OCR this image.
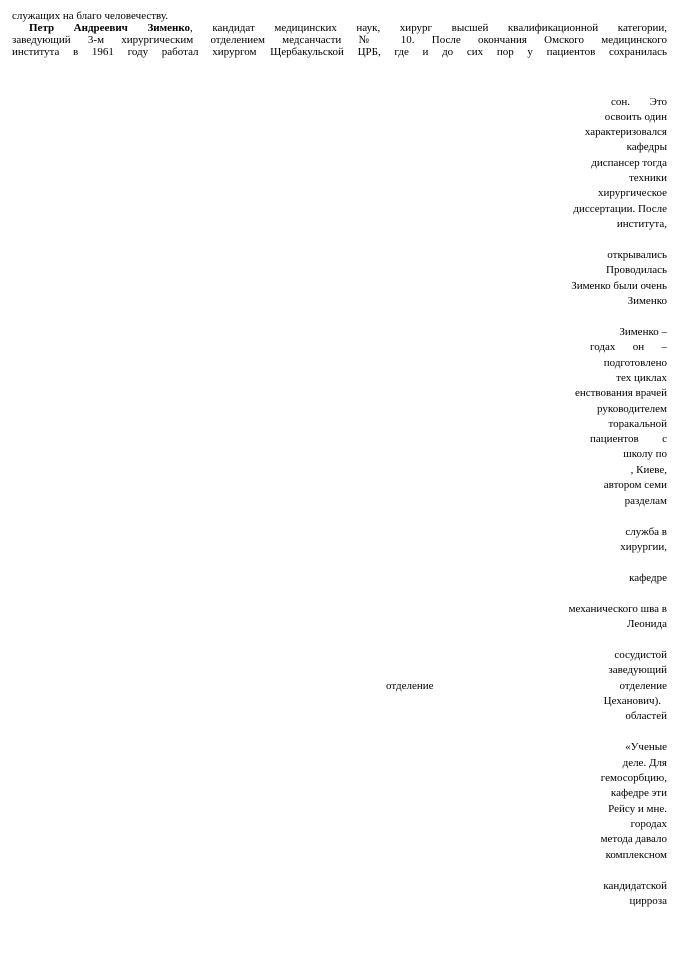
служащих на благо человечеству.
Петр Андреевич Зименко, кандидат медицинских наук, хирург высшей квалификационной категории,
заведующий 3-м хирургическим отделением медсанчасти № 10. После окончания Омского медицинского
института в 1961 году работал хирургом Щербакульской ЦРБ, где и до сих пор у пациентов сохранилась
отделение
сон. Это
освоить один
характеризовался
кафедры
диспансер тогда
техники
хирургическое
диссертации. После
института,
открывались
Проводилась
Зименко были очень
Зименко
Зименко –
годах он –
подготовлено
тех циклах
енствования врачей
руководителем
торакальной
пациентов с
школу по
, Киеве,
автором семи
разделам
служба в
хирургии,
кафедре
механического шва в
Леонида
сосудистой
заведующий
отделение
Цеханович).
областей
«Ученые
деле. Для
гемосорбцию,
кафедре эти
Рейсу и мне.
городах
метода давало
комплексном
кандидатской
цирроза
